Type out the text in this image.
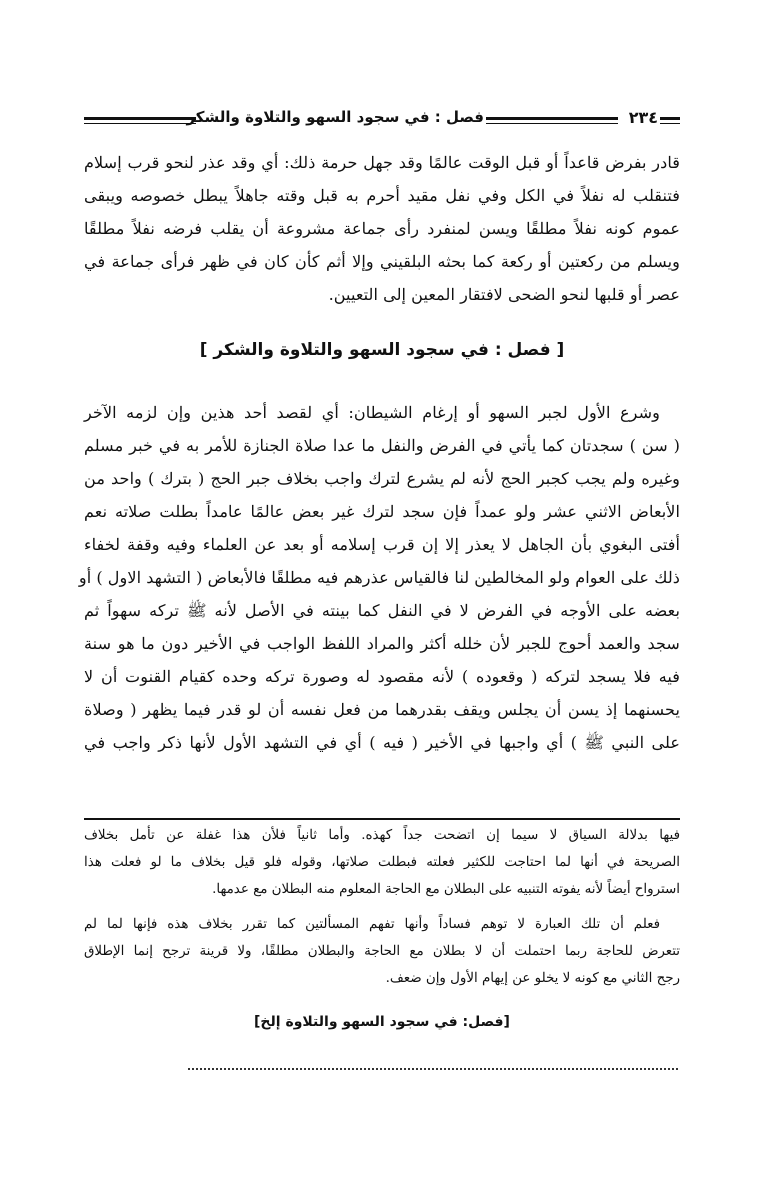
فصل : في سجود السهو والتلاوة والشكر	٢٣٤
قادر بفرض قاعداً أو قبل الوقت عالمًا وقد جهل حرمة ذلك: أي وقد عذر لنحو قرب إسلام
فتنقلب له نفلاً في الكل وفي نفل مقيد أحرم به قبل وقته جاهلاً يبطل خصوصه ويبقى
عموم كونه نفلاً مطلقًا ويسن لمنفرد رأى جماعة مشروعة أن يقلب فرضه نفلاً مطلقًا
ويسلم من ركعتين أو ركعة كما بحثه البلقيني وإلا أثم كأن كان في ظهر فرأى جماعة في
عصر أو قلبها لنحو الضحى لافتقار المعين إلى التعيين.
[ فصل : في سجود السهو والتلاوة والشكر ]
وشرع الأول لجبر السهو أو إرغام الشيطان: أي لقصد أحد هذين وإن لزمه الآخر
( سن ) سجدتان كما يأتي في الفرض والنفل ما عدا صلاة الجنازة للأمر به في خبر مسلم
وغيره ولم يجب كجبر الحج لأنه لم يشرع لترك واجب بخلاف جبر الحج ( بترك ) واحد من
الأبعاض الاثني عشر ولو عمداً فإن سجد لترك غير بعض عالمًا عامداً بطلت صلاته نعم
أفتى البغوي بأن الجاهل لا يعذر إلا إن قرب إسلامه أو بعد عن العلماء وفيه وقفة لخفاء
ذلك على العوام ولو المخالطين لنا فالقياس عذرهم فيه مطلقًا فالأبعاض ( التشهد الاول ) أو
بعضه على الأوجه في الفرض لا في النفل كما بينته في الأصل لأنه ﷺ تركه سهواً ثم
سجد والعمد أحوج للجبر لأن خلله أكثر والمراد اللفظ الواجب في الأخير دون ما هو سنة
فيه فلا يسجد لتركه ( وقعوده ) لأنه مقصود له وصورة تركه وحده كقيام القنوت أن لا
يحسنهما إذ يسن أن يجلس ويقف بقدرهما من فعل نفسه أن لو قدر فيما يظهر ( وصلاة
على النبي ﷺ ) أي واجبها في الأخير ( فيه ) أي في التشهد الأول لأنها ذكر واجب في
فيها بدلالة السياق لا سيما إن اتضحت جداً كهذه. وأما ثانياً فلأن هذا غفلة عن تأمل بخلاف
الصريحة في أنها لما احتاجت للكثير فعلته فبطلت صلاتها، وقوله فلو قيل بخلاف ما لو فعلت هذا
استرواح أيضاً لأنه يفوته التنبيه على البطلان مع الحاجة المعلوم منه البطلان مع عدمها.
فعلم أن تلك العبارة لا توهم فساداً وأنها تفهم المسألتين كما تقرر بخلاف هذه فإنها لما لم
تتعرض للحاجة ربما احتملت أن لا بطلان مع الحاجة والبطلان مطلقًا، ولا قرينة ترجح إنما الإطلاق
رجح الثاني مع كونه لا يخلو عن إيهام الأول وإن ضعف.
[فصل: في سجود السهو والتلاوة إلخ]
